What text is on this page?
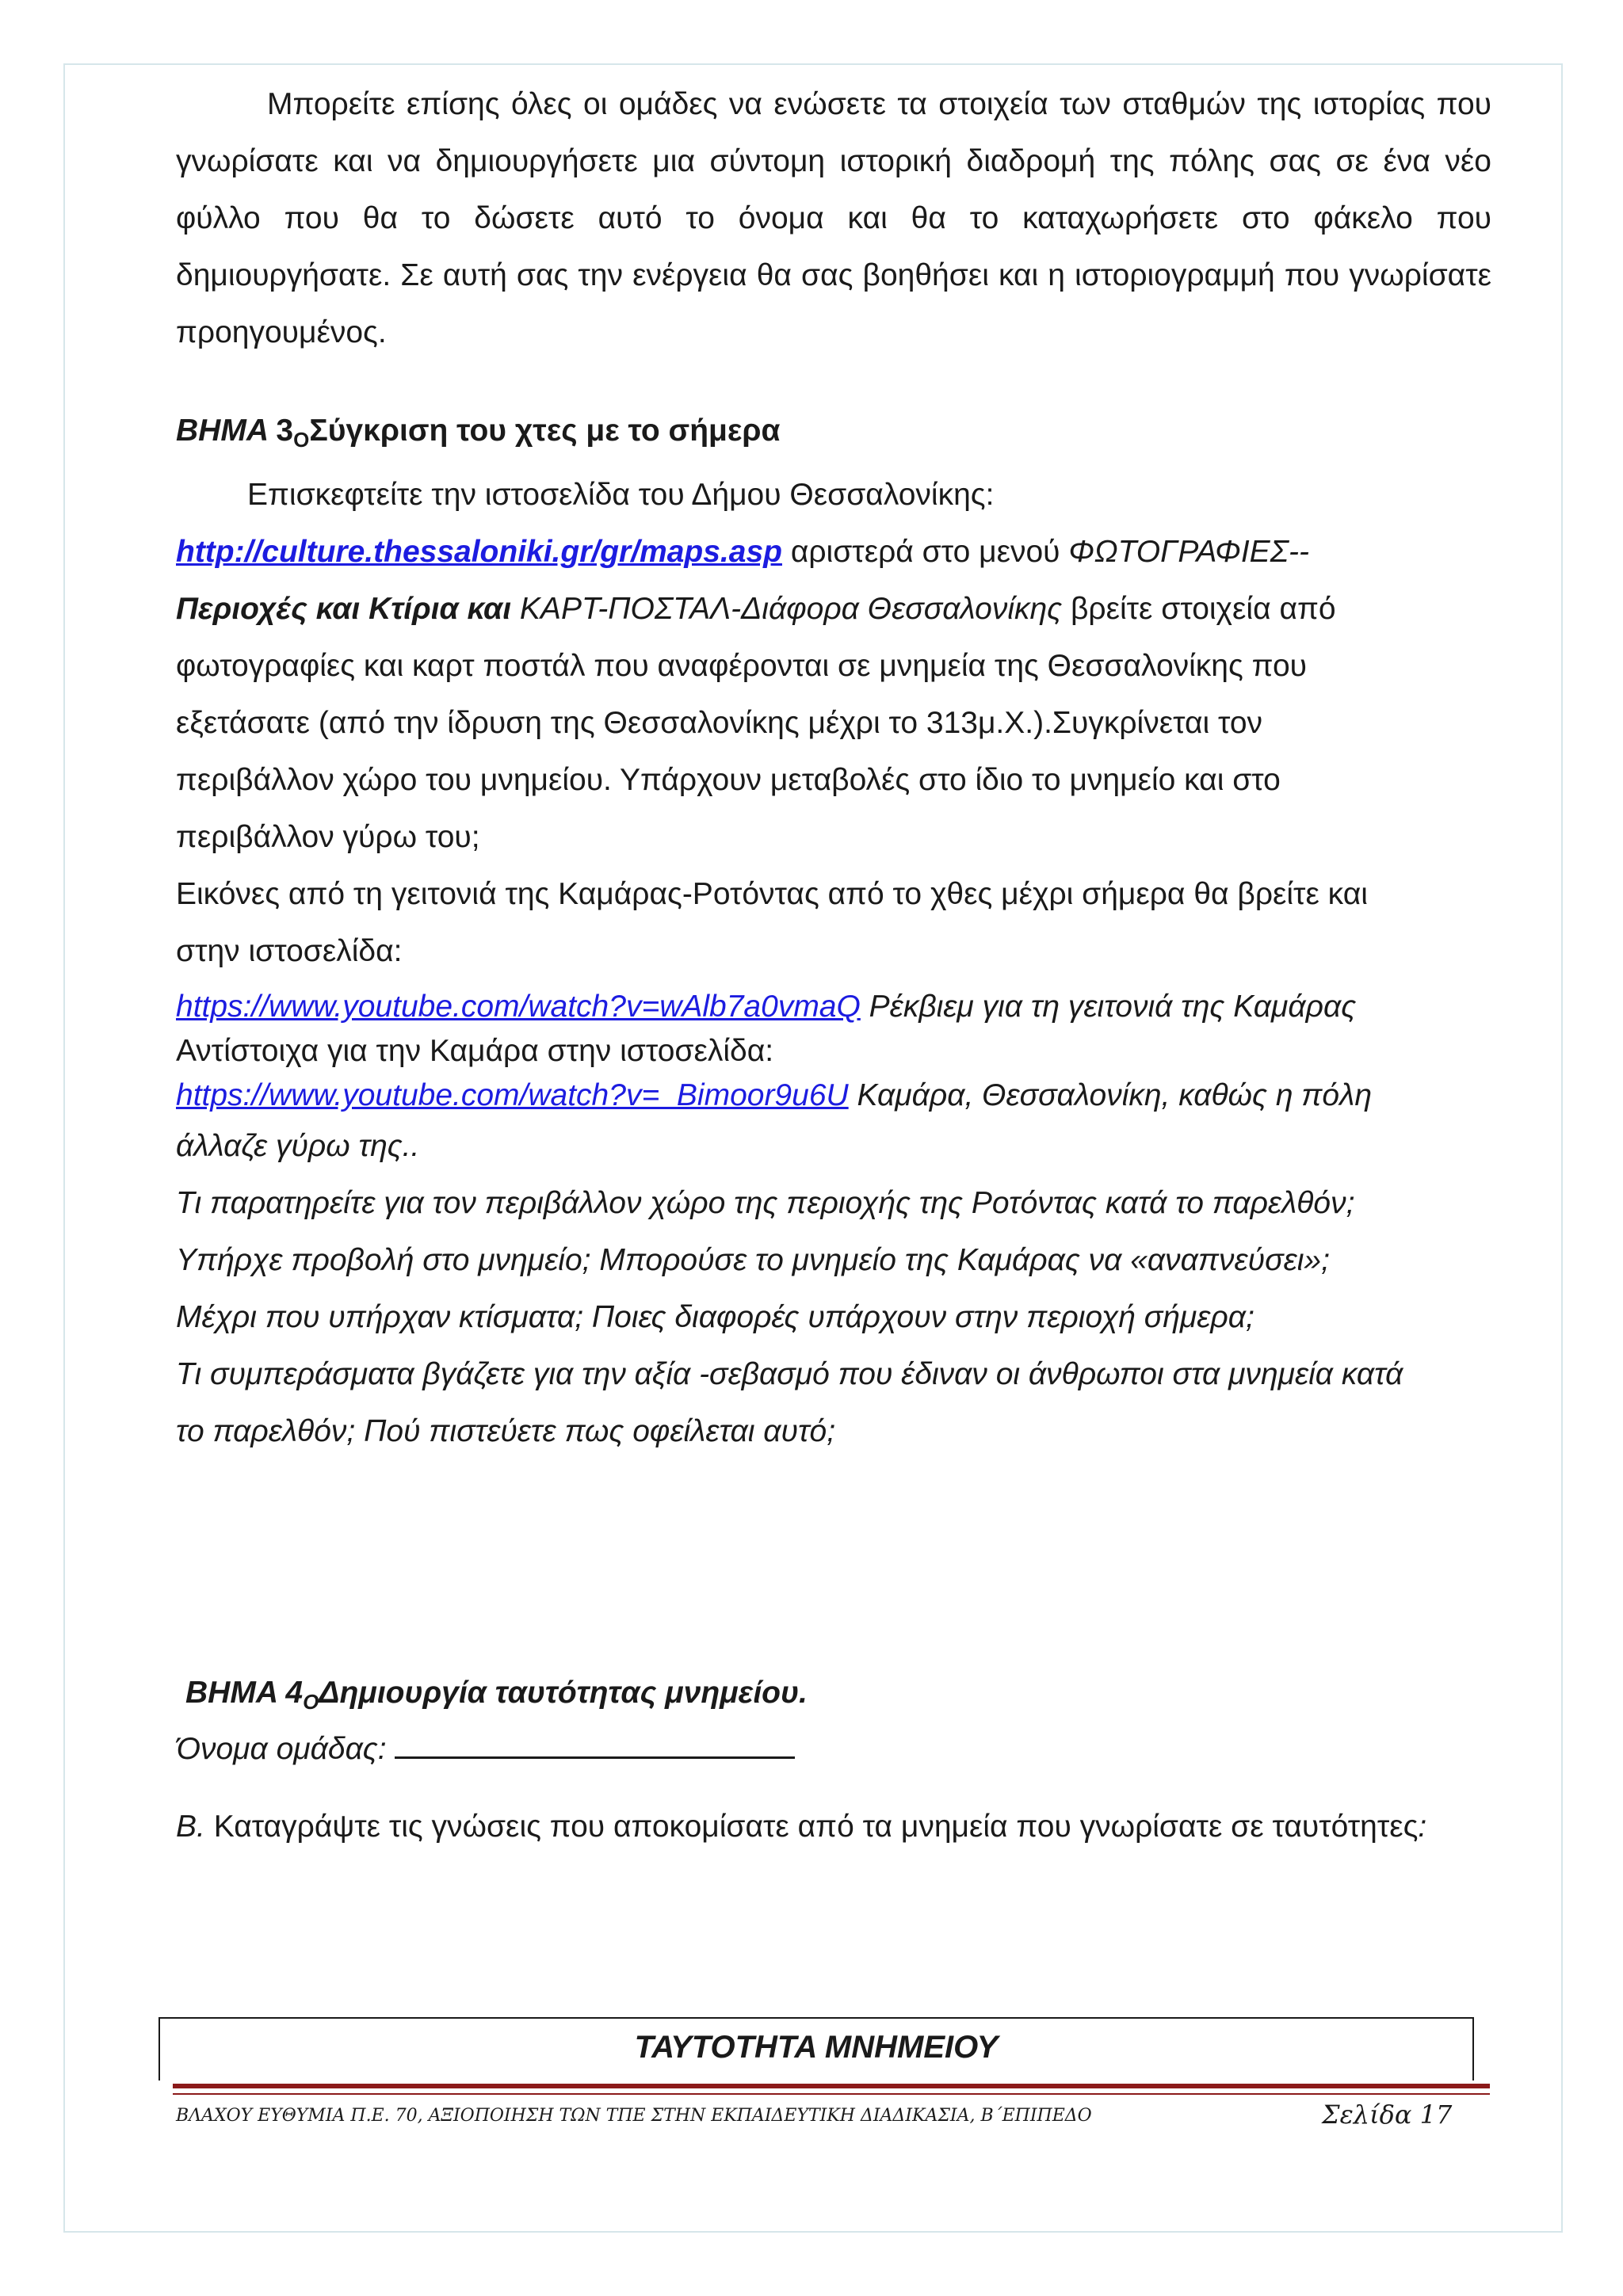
Μπορείτε επίσης όλες οι ομάδες να ενώσετε τα στοιχεία των σταθμών της ιστορίας που γνωρίσατε και να δημιουργήσετε μια σύντομη ιστορική διαδρομή της πόλης σας σε ένα νέο φύλλο που θα το δώσετε αυτό το όνομα και θα το καταχωρήσετε στο φάκελο που δημιουργήσατε. Σε αυτή σας την ενέργεια θα σας βοηθήσει και η ιστοριογραμμή που γνωρίσατε προηγουμένος.

ΒΗΜΑ $3_O\Sigma ύ\gamma\kappa\rho\iota\sigma\eta$ του χτες με το σήμερα

Επισκεφτείτε την ιστοσελίδα του Δήμου Θεσσαλονίκης:

http://culture.thessaloniki.gr/gr/maps.asp αριστερά στο μενού ΦΩΤΟΓΡΑΦΙΕΣ--

Περιοχές και Κτίρια και ΚΑΡΤ-ΠΟΣΤΑΛ-Διάφορα Θεσσαλονίκης βρείτε στοιχεία από

φωτογραφίες και καρτ ποστάλ που αναφέρονται σε μνημεία της Θεσσαλονίκης που

εξετάσατε (από την ίδρυση της Θεσσαλονίκης μέχρι το 313μ.Χ.).Συγκρίνεται τον

περιβάλλον χώρο του μνημείου. Υπάρχουν μεταβολές στο ίδιο το μνημείο και στο

περιβάλλον γύρω του;

Εικόνες από τη γειτονιά της Καμάρας-Ροτόντας από το χθες μέχρι σήμερα θα βρείτε και

στην ιστοσελίδα:

https://www.youtube.com/watch?v=wAlb7a0vmaQ Ρέκβιεμ για τη γειτονιά της Καμάρας

Αντίστοιχα για την Καμάρα στην ιστοσελίδα:

https://www.youtube.com/watch?v=_Bimoor9u6U Καμάρα, Θεσσαλονίκη, καθώς η πόλη

άλλαζε γύρω της..

Τι παρατηρείτε για τον περιβάλλον χώρο της περιοχής της Ροτόντας κατά το παρελθόν;

Υπήρχε προβολή στο μνημείο; Μπορούσε το μνημείο της Καμάρας να «αναπνεύσει»;

Μέχρι που υπήρχαν κτίσματα; Ποιες διαφορές υπάρχουν στην περιοχή σήμερα;

Τι συμπεράσματα βγάζετε για την αξία -σεβασμό που έδιναν οι άνθρωποι στα μνημεία κατά

το παρελθόν; Πού πιστεύετε πως οφείλεται αυτό;

ΒΗΜΑ $4_O\Delta\eta\mu\iota o\upsilon\rho\gamma ί\alpha$ ταυτότητας μνημείου.

Όνομα ομάδας:

Β. Καταγράψτε τις γνώσεις που αποκομίσατε από τα μνημεία που γνωρίσατε σε ταυτότητες:

ΤΑΥΤΟΤΗΤΑ ΜΝΗΜΕΙΟΥ
ΒΛΑΧΟΥ ΕΥΘΥΜΙΑ Π.Ε. 70, ΑΞΙΟΠΟΙΗΣΗ ΤΩΝ ΤΠΕ ΣΤΗΝ ΕΚΠΑΙΔΕΥΤΙΚΗ ΔΙΑΔΙΚΑΣΙΑ, Β΄ΕΠΙΠΕΔΟ	Σελίδα 17
